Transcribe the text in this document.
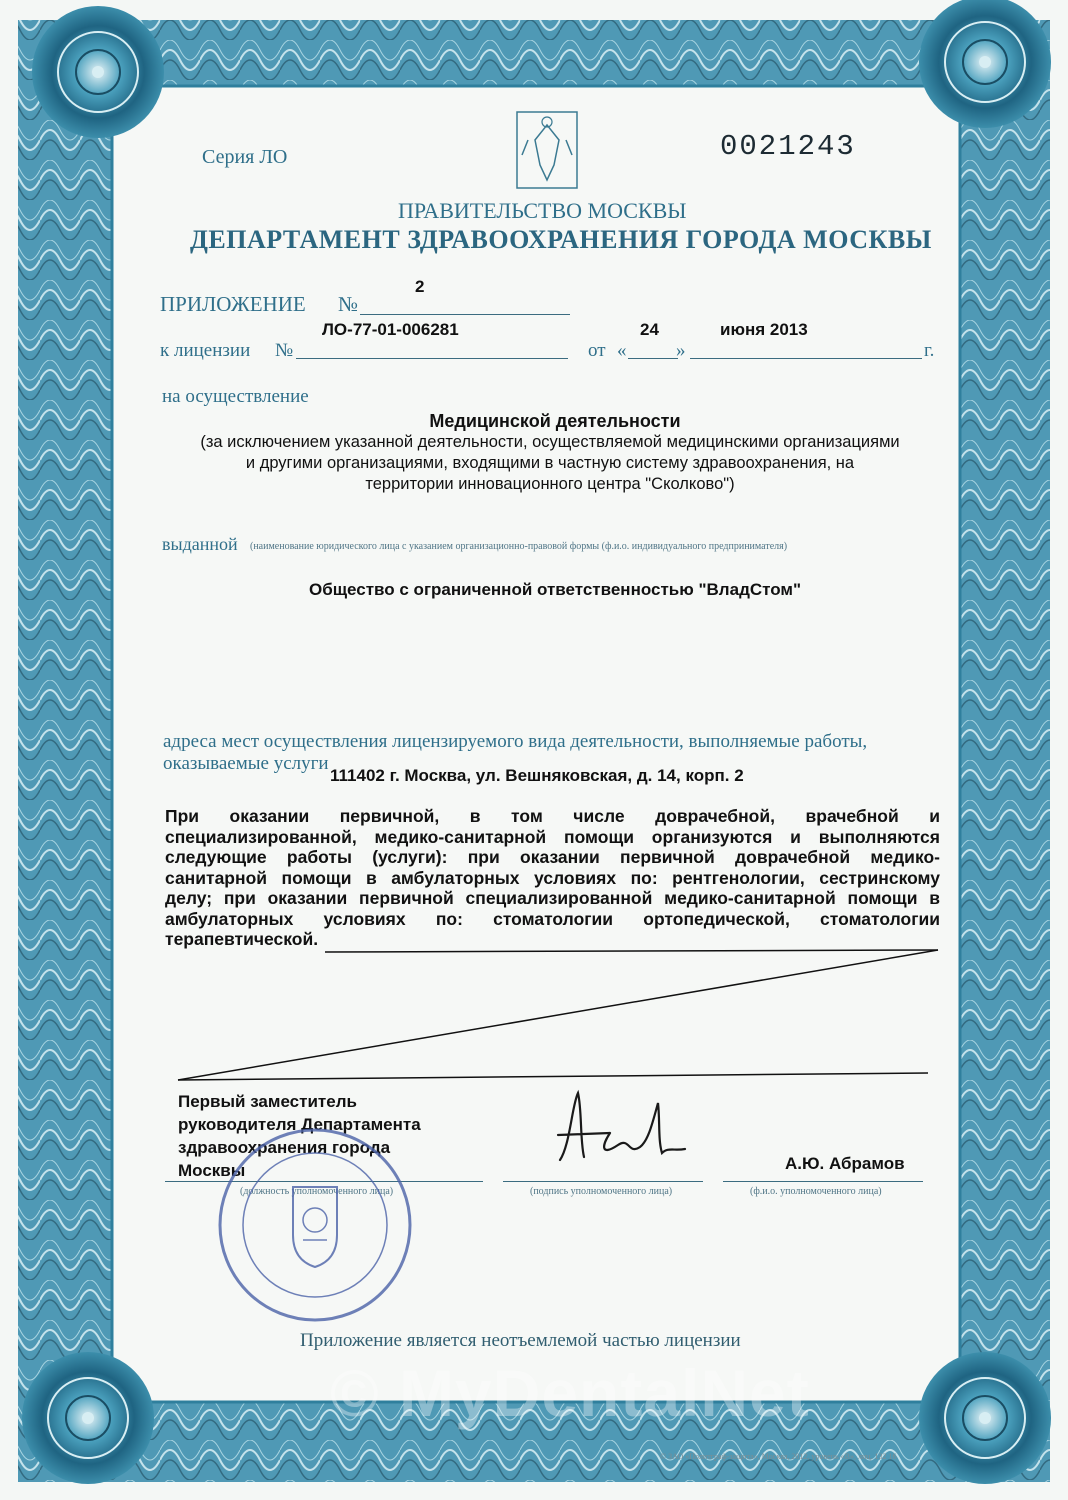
Серия ЛО	0021243
ПРАВИТЕЛЬСТВО МОСКВЫ
ДЕПАРТАМЕНТ ЗДРАВООХРАНЕНИЯ ГОРОДА МОСКВЫ
ПРИЛОЖЕНИЕ №
2
к лицензии №
ЛО-77-01-006281
от «
24
»
июня 2013
г.
на осуществление
Медицинской деятельности
(за исключением указанной деятельности, осуществляемой медицинскими организациями
и другими организациями, входящими в частную систему здравоохранения, на
территории инновационного центра "Сколково")
выданной (наименование юридического лица с указанием организационно-правовой формы (ф.и.о. индивидуального предпринимателя)
Общество с ограниченной ответственностью "ВладСтом"
адреса мест осуществления лицензируемого вида деятельности, выполняемые работы,
оказываемые услуги
111402 г. Москва, ул. Вешняковская, д. 14, корп. 2
При оказании первичной, в том числе доврачебной, врачебной и
специализированной, медико-санитарной помощи организуются и выполняются
следующие работы (услуги): при оказании первичной доврачебной медико-
санитарной помощи в амбулаторных условиях по: рентгенологии, сестринскому
делу; при оказании первичной специализированной медико-санитарной помощи в
амбулаторных условиях по: стоматологии ортопедической, стоматологии
терапевтической.
Первый заместитель
руководителя Департамента
здравоохранения города
Москвы
(должность уполномоченного лица)	(подпись уполномоченного лица)
А.Ю. Абрамов
(ф.и.о. уполномоченного лица)
Приложение является неотъемлемой частью лицензии
© MyDentalNet
© ЗАО «Политграф-защита», Москва, 2012, уровень «В», лиц. 132 16
